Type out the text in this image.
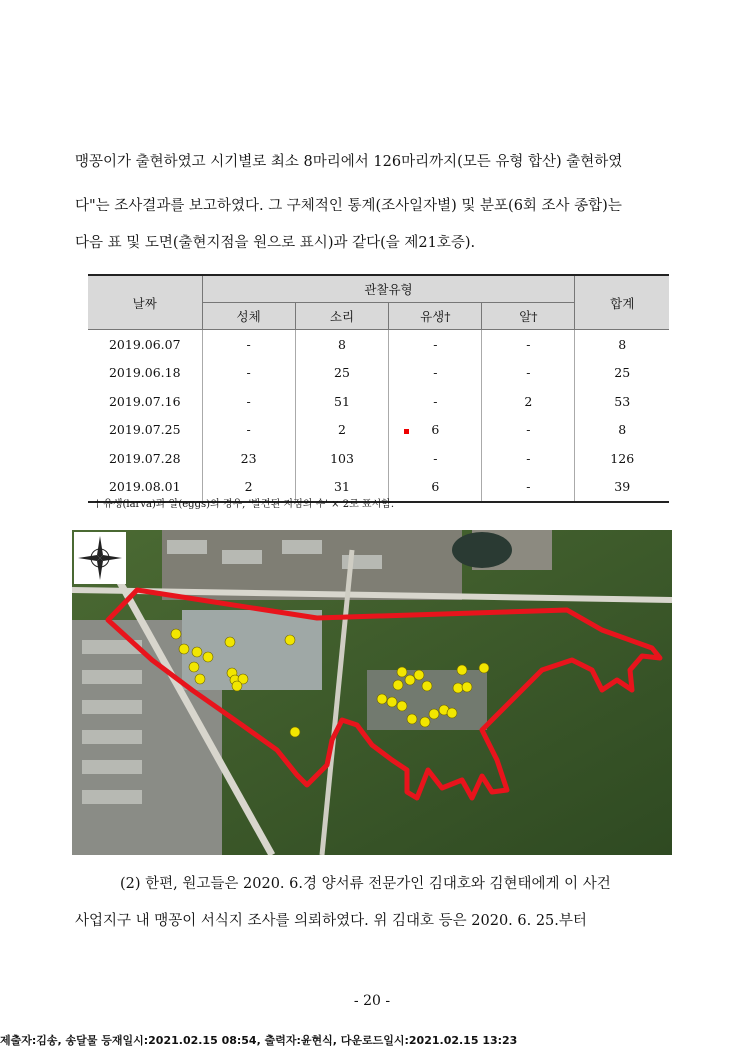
맹꽁이가 출현하였고 시기별로 최소 8마리에서 126마리까지(모든 유형 합산) 출현하였
다"는 조사결과를 보고하였다. 그 구체적인 통계(조사일자별) 및 분포(6회 조사 종합)는
다음 표 및 도면(출현지점을 원으로 표시)과 같다(을 제21호증).
날짜	관찰유형				합계
	성체	소리	유생†	알†	
2019.06.07	-	8	-	-	8
2019.06.18	-	25	-	-	25
2019.07.16	-	51	-	2	53
2019.07.25	-	2	6	-	8
2019.07.28	23	103	-	-	126
2019.08.01	2	31	6	-	39
† 유생(larva)과 알(eggs)의 경우, '발견된 지점의 수' × 2로 표시함.
(2) 한편, 원고들은 2020. 6.경 양서류 전문가인 김대호와 김현태에게 이 사건
사업지구 내 맹꽁이 서식지 조사를 의뢰하였다. 위 김대호 등은 2020. 6. 25.부터
- 20 -
제출자:김송, 송달물 등재일시:2021.02.15 08:54, 출력자:윤현식, 다운로드일시:2021.02.15 13:23
